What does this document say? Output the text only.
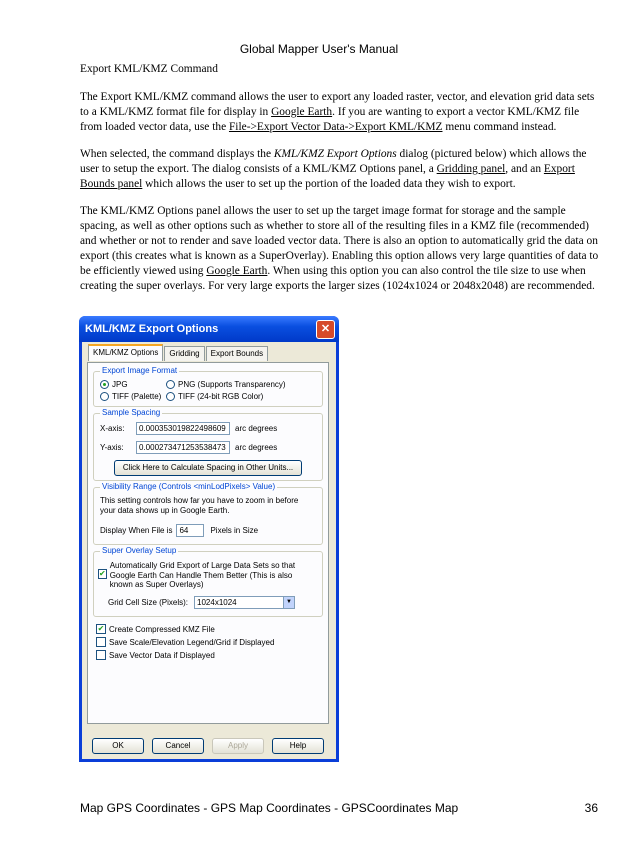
Global Mapper User's Manual
Export KML/KMZ Command

The Export KML/KMZ command allows the user to export any loaded raster, vector, and elevation grid data sets to a KML/KMZ format file for display in Google Earth. If you are wanting to export a vector KML/KMZ file from loaded vector data, use the File->Export Vector Data->Export KML/KMZ menu command instead.

When selected, the command displays the KML/KMZ Export Options dialog (pictured below) which allows the user to setup the export. The dialog consists of a KML/KMZ Options panel, a Gridding panel, and an Export Bounds panel which allows the user to set up the portion of the loaded data they wish to export.

The KML/KMZ Options panel allows the user to set up the target image format for storage and the sample spacing, as well as other options such as whether to store all of the resulting files in a KMZ file (recommended) and whether or not to render and save loaded vector data. There is also an option to automatically grid the data on export (this creates what is known as a SuperOverlay). Enabling this option allows very large quantities of data to be efficiently viewed using Google Earth. When using this option you can also control the tile size to use when creating the super overlays. For very large exports the larger sizes (1024x1024 or 2048x2048) are recommended.

KML/KMZ Export Options	✕
KML/KMZ Options	Gridding	Export Bounds
Export Image Format
JPG	PNG (Supports Transparency)
TIFF (Palette) TIFF (24-bit RGB Color)
Sample Spacing
X-axis:	0.000353019822498609	arc degrees
Y-axis:	0.000273471253538473	arc degrees
Click Here to Calculate Spacing in Other Units...
Visibility Range (Controls <minLodPixels> Value)
This setting controls how far you have to zoom in before your data shows up in Google Earth.
Display When File is 64	Pixels in Size
Super Overlay Setup
✔
Automatically Grid Export of Large Data Sets so that Google Earth Can Handle Them Better (This is also known as Super Overlays)
Grid Cell Size (Pixels): 1024x1024	▼
✔ Create Compressed KMZ File
Save Scale/Elevation Legend/Grid if Displayed
Save Vector Data if Displayed
OK	Cancel	Apply	Help
Map GPS Coordinates - GPS Map Coordinates - GPSCoordinates Map	36
